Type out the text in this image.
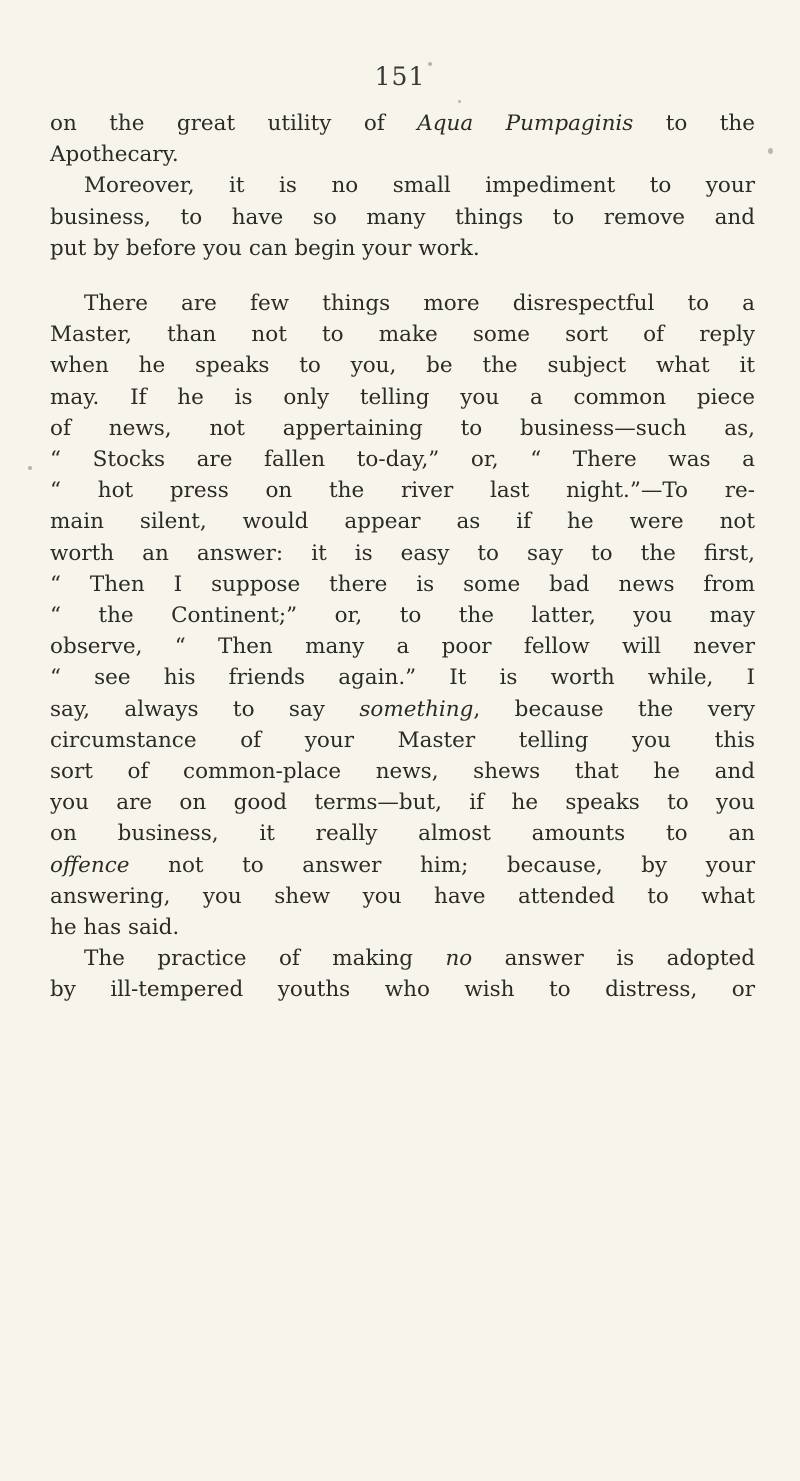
151
on the great utility of Aqua Pumpaginis to the
Apothecary.
Moreover, it is no small impediment to your
business, to have so many things to remove and
put by before you can begin your work.
There are few things more disrespectful to a
Master, than not to make some sort of reply
when he speaks to you, be the subject what it
may. If he is only telling you a common piece
of news, not appertaining to business—such as,
“ Stocks are fallen to-day,” or, “ There was a
“ hot press on the river last night.”—To re-
main silent, would appear as if he were not
worth an answer: it is easy to say to the first,
“ Then I suppose there is some bad news from
“ the Continent;” or, to the latter, you may
observe, “ Then many a poor fellow will never
“ see his friends again.” It is worth while, I
say, always to say something, because the very
circumstance of your Master telling you this
sort of common-place news, shews that he and
you are on good terms—but, if he speaks to you
on business, it really almost amounts to an
offence not to answer him; because, by your
answering, you shew you have attended to what
he has said.
The practice of making no answer is adopted
by ill-tempered youths who wish to distress, or
